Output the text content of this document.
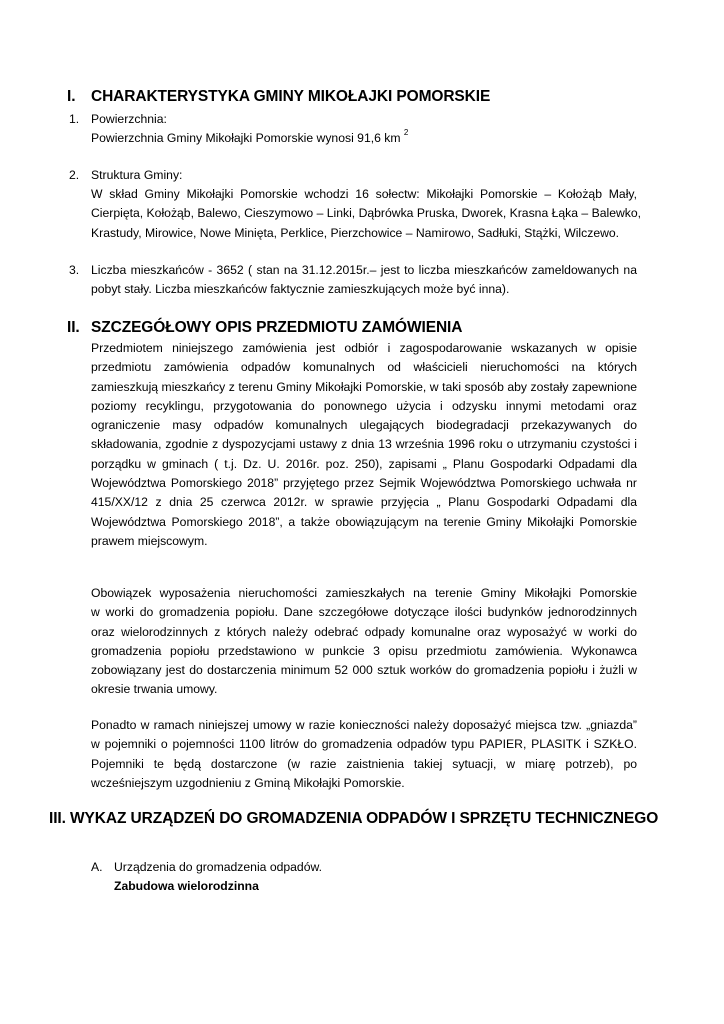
I. CHARAKTERYSTYKA GMINY MIKOŁAJKI POMORSKIE
1. Powierzchnia:
Powierzchnia Gminy Mikołajki Pomorskie wynosi 91,6 km $^2$
2. Struktura Gminy:
W skład Gminy Mikołajki Pomorskie wchodzi 16 sołectw: Mikołajki Pomorskie – Kołożąb Mały,
Cierpięta, Kołożąb, Balewo, Cieszymowo – Linki, Dąbrówka Pruska, Dworek, Krasna Łąka – Balewko,
Krastudy, Mirowice, Nowe Minięta, Perklice, Pierzchowice – Namirowo, Sadłuki, Stążki, Wilczewo.
3. Liczba mieszkańców - 3652 ( stan na 31.12.2015r.– jest to liczba mieszkańców zameldowanych na
pobyt stały. Liczba mieszkańców faktycznie zamieszkujących może być inna).
II. SZCZEGÓŁOWY OPIS PRZEDMIOTU ZAMÓWIENIA
Przedmiotem niniejszego zamówienia jest odbiór i zagospodarowanie wskazanych w opisie
przedmiotu zamówienia odpadów komunalnych od właścicieli nieruchomości na których
zamieszkują mieszkańcy z terenu Gminy Mikołajki Pomorskie, w taki sposób aby zostały zapewnione
poziomy recyklingu, przygotowania do ponownego użycia i odzysku innymi metodami oraz
ograniczenie masy odpadów komunalnych ulegających biodegradacji przekazywanych do
składowania, zgodnie z dyspozycjami ustawy z dnia 13 września 1996 roku o utrzymaniu czystości i
porządku w gminach ( t.j. Dz. U. 2016r. poz. 250), zapisami „ Planu Gospodarki Odpadami dla
Województwa Pomorskiego 2018” przyjętego przez Sejmik Województwa Pomorskiego uchwała nr
415/XX/12 z dnia 25 czerwca 2012r. w sprawie przyjęcia „ Planu Gospodarki Odpadami dla
Województwa Pomorskiego 2018”, a także obowiązującym na terenie Gminy Mikołajki Pomorskie
prawem miejscowym.
Obowiązek wyposażenia nieruchomości zamieszkałych na terenie Gminy Mikołajki Pomorskie
w worki do gromadzenia popiołu. Dane szczegółowe dotyczące ilości budynków jednorodzinnych
oraz wielorodzinnych z których należy odebrać odpady komunalne oraz wyposażyć w worki do
gromadzenia popiołu przedstawiono w punkcie 3 opisu przedmiotu zamówienia. Wykonawca
zobowiązany jest do dostarczenia minimum 52 000 sztuk worków do gromadzenia popiołu i żużli w
okresie trwania umowy.
Ponadto w ramach niniejszej umowy w razie konieczności należy doposażyć miejsca tzw. „gniazda”
w pojemniki o pojemności 1100 litrów do gromadzenia odpadów typu PAPIER, PLASITK i SZKŁO.
Pojemniki te będą dostarczone (w razie zaistnienia takiej sytuacji, w miarę potrzeb), po
wcześniejszym uzgodnieniu z Gminą Mikołajki Pomorskie.
III. WYKAZ URZĄDZEŃ DO GROMADZENIA ODPADÓW I SPRZĘTU TECHNICZNEGO
A. Urządzenia do gromadzenia odpadów.
Zabudowa wielorodzinna
